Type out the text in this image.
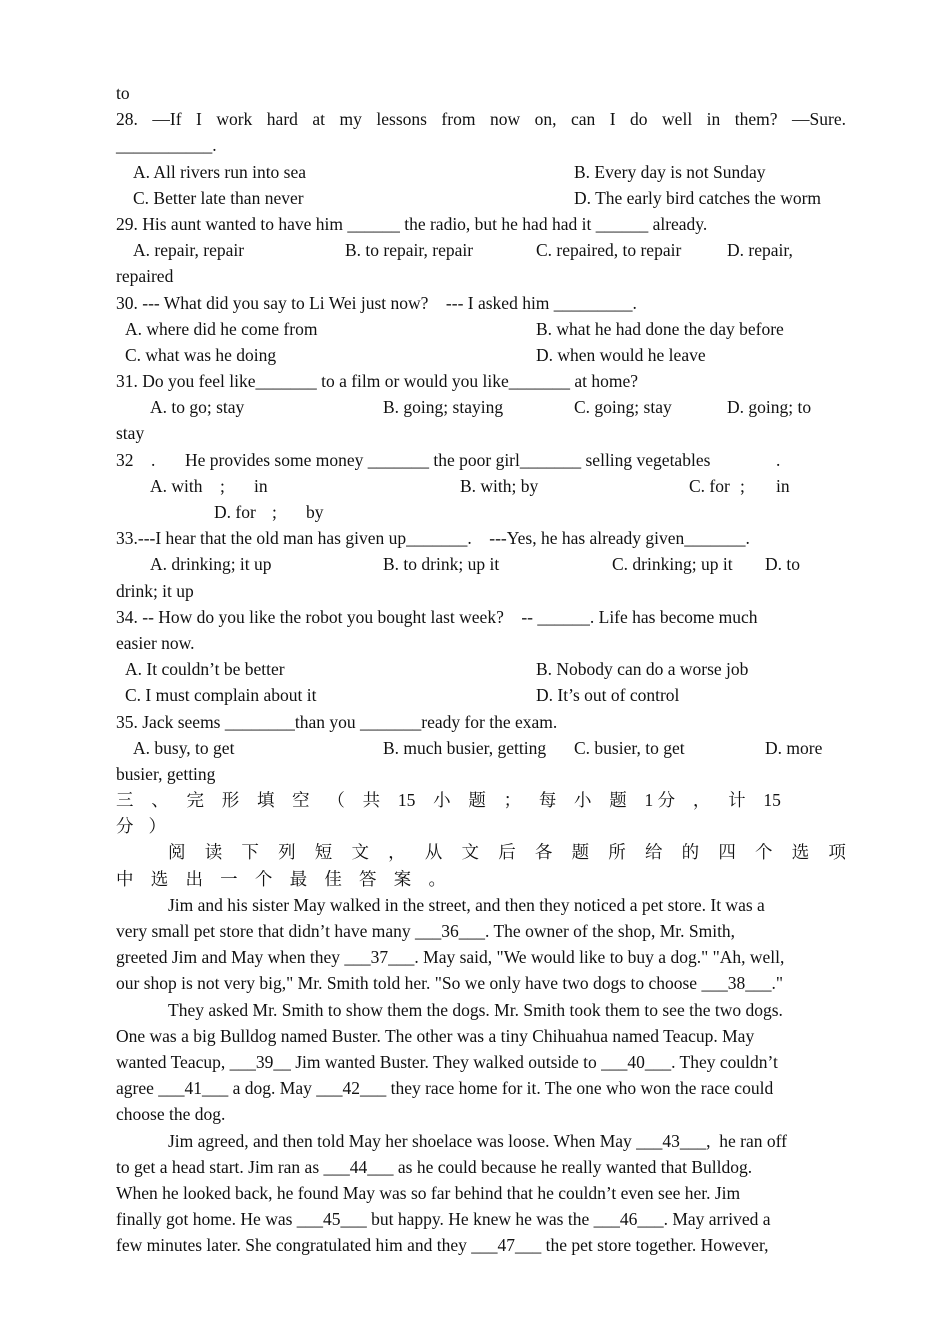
to
28. —If I work hard at my lessons from now on, can I do well in them? —Sure.
___________.
A. All rivers run into sea	B. Every day is not Sunday
C. Better late than never	D. The early bird catches the worm
29. His aunt wanted to have him ______ the radio, but he had had it ______ already.
A. repair, repair	B. to repair, repair	C. repaired, to repair	D. repair,
repaired
30. --- What did you say to Li Wei just now?    --- I asked him _________.
A. where did he come from	B. what he had done the day before
C. what was he doing	D. when would he leave
31. Do you feel like_______ to a film or would you like_______ at home?
A. to go; stay	B. going; staying	C. going; stay	D. going; to
stay
32 . He provides some money _______ the poor girl_______ selling vegetables	.
A. with ; in	B. with; by	C. for ; in
D. for ; by
33.---I hear that the old man has given up_______.    ---Yes, he has already given_______.
A. drinking; it up	B. to drink; up it	C. drinking; up it D. to
drink; it up
34. -- How do you like the robot you bought last week?    -- ______. Life has become much
easier now.
A. It couldn’t be better	B. Nobody can do a worse job
C. I must complain about it	D. It’s out of control
35. Jack seems ________than you _______ready for the exam.
A. busy, to get	B. much busier, getting C. busier, to get	D. more
busier, getting
三 、 完 形 填 空 （ 共 15 小 题 ； 每 小 题 1 分 ， 计 15
分 ）
阅 读 下 列 短 文 ， 从 文 后 各 题 所 给 的 四 个 选 项
中 选 出 一 个 最 佳 答 案 。
Jim and his sister May walked in the street, and then they noticed a pet store. It was a
very small pet store that didn’t have many ___36___. The owner of the shop, Mr. Smith,
greeted Jim and May when they ___37___. May said, "We would like to buy a dog." "Ah, well,
our shop is not very big," Mr. Smith told her. "So we only have two dogs to choose ___38___."
They asked Mr. Smith to show them the dogs. Mr. Smith took them to see the two dogs.
One was a big Bulldog named Buster. The other was a tiny Chihuahua named Teacup. May
wanted Teacup, ___39__ Jim wanted Buster. They walked outside to ___40___. They couldn’t
agree ___41___ a dog. May ___42___ they race home for it. The one who won the race could
choose the dog.
Jim agreed, and then told May her shoelace was loose. When May ___43___,  he ran off
to get a head start. Jim ran as ___44___ as he could because he really wanted that Bulldog.
When he looked back, he found May was so far behind that he couldn’t even see her. Jim
finally got home. He was ___45___ but happy. He knew he was the ___46___. May arrived a
few minutes later. She congratulated him and they ___47___ the pet store together. However,
